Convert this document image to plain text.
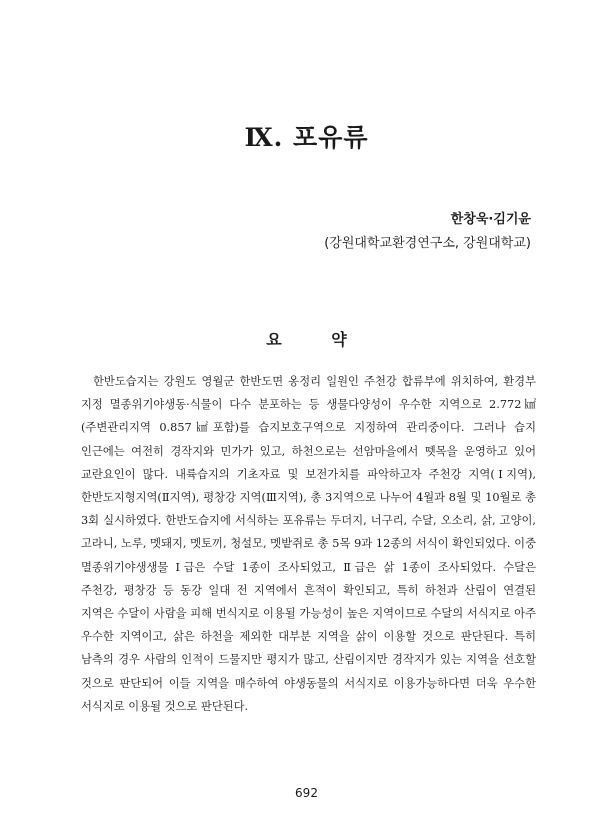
Ⅸ. 포유류
한창욱·김기윤
(강원대학교환경연구소, 강원대학교)
요 약

한반도습지는 강원도 영월군 한반도면 옹정리 일원인 주천강 합류부에 위치하여, 환경부 지정 멸종위기야생동·식물이 다수 분포하는 등 생물다양성이 우수한 지역으로 2.772㎢(주변관리지역 0.857㎢포함)를 습지보호구역으로 지정하여 관리중이다. 그러나 습지 인근에는 여전히 경작지와 민가가 있고, 하천으로는 선암마을에서 뗏목을 운영하고 있어 교란요인이 많다. 내륙습지의 기초자료 및 보전가치를 파악하고자 주천강 지역(Ⅰ지역), 한반도지형지역(Ⅱ지역), 평창강 지역(Ⅲ지역), 총 3지역으로 나누어 4월과 8월 및 10월로 총 3회 실시하였다. 한반도습지에 서식하는 포유류는 두더지, 너구리, 수달, 오소리, 삵, 고양이, 고라니, 노루, 멧돼지, 멧토끼, 청설모, 멧밭쥐로 총 5목 9과 12종의 서식이 확인되었다. 이중 멸종위기야생생물 Ⅰ급은 수달 1종이 조사되었고, Ⅱ급은 삵 1종이 조사되었다. 수달은 주천강, 평창강 등 동강 일대 전 지역에서 흔적이 확인되고, 특히 하천과 산림이 연결된 지역은 수달이 사람을 피해 번식지로 이용될 가능성이 높은 지역이므로 수달의 서식지로 아주 우수한 지역이고, 삵은 하천을 제외한 대부분 지역을 삵이 이용할 것으로 판단된다. 특히 남측의 경우 사람의 인적이 드물지만 평지가 많고, 산림이지만 경작지가 있는 지역을 선호할 것으로 판단되어 이들 지역을 매수하여 야생동물의 서식지로 이용가능하다면 더욱 우수한 서식지로 이용될 것으로 판단된다.

692
